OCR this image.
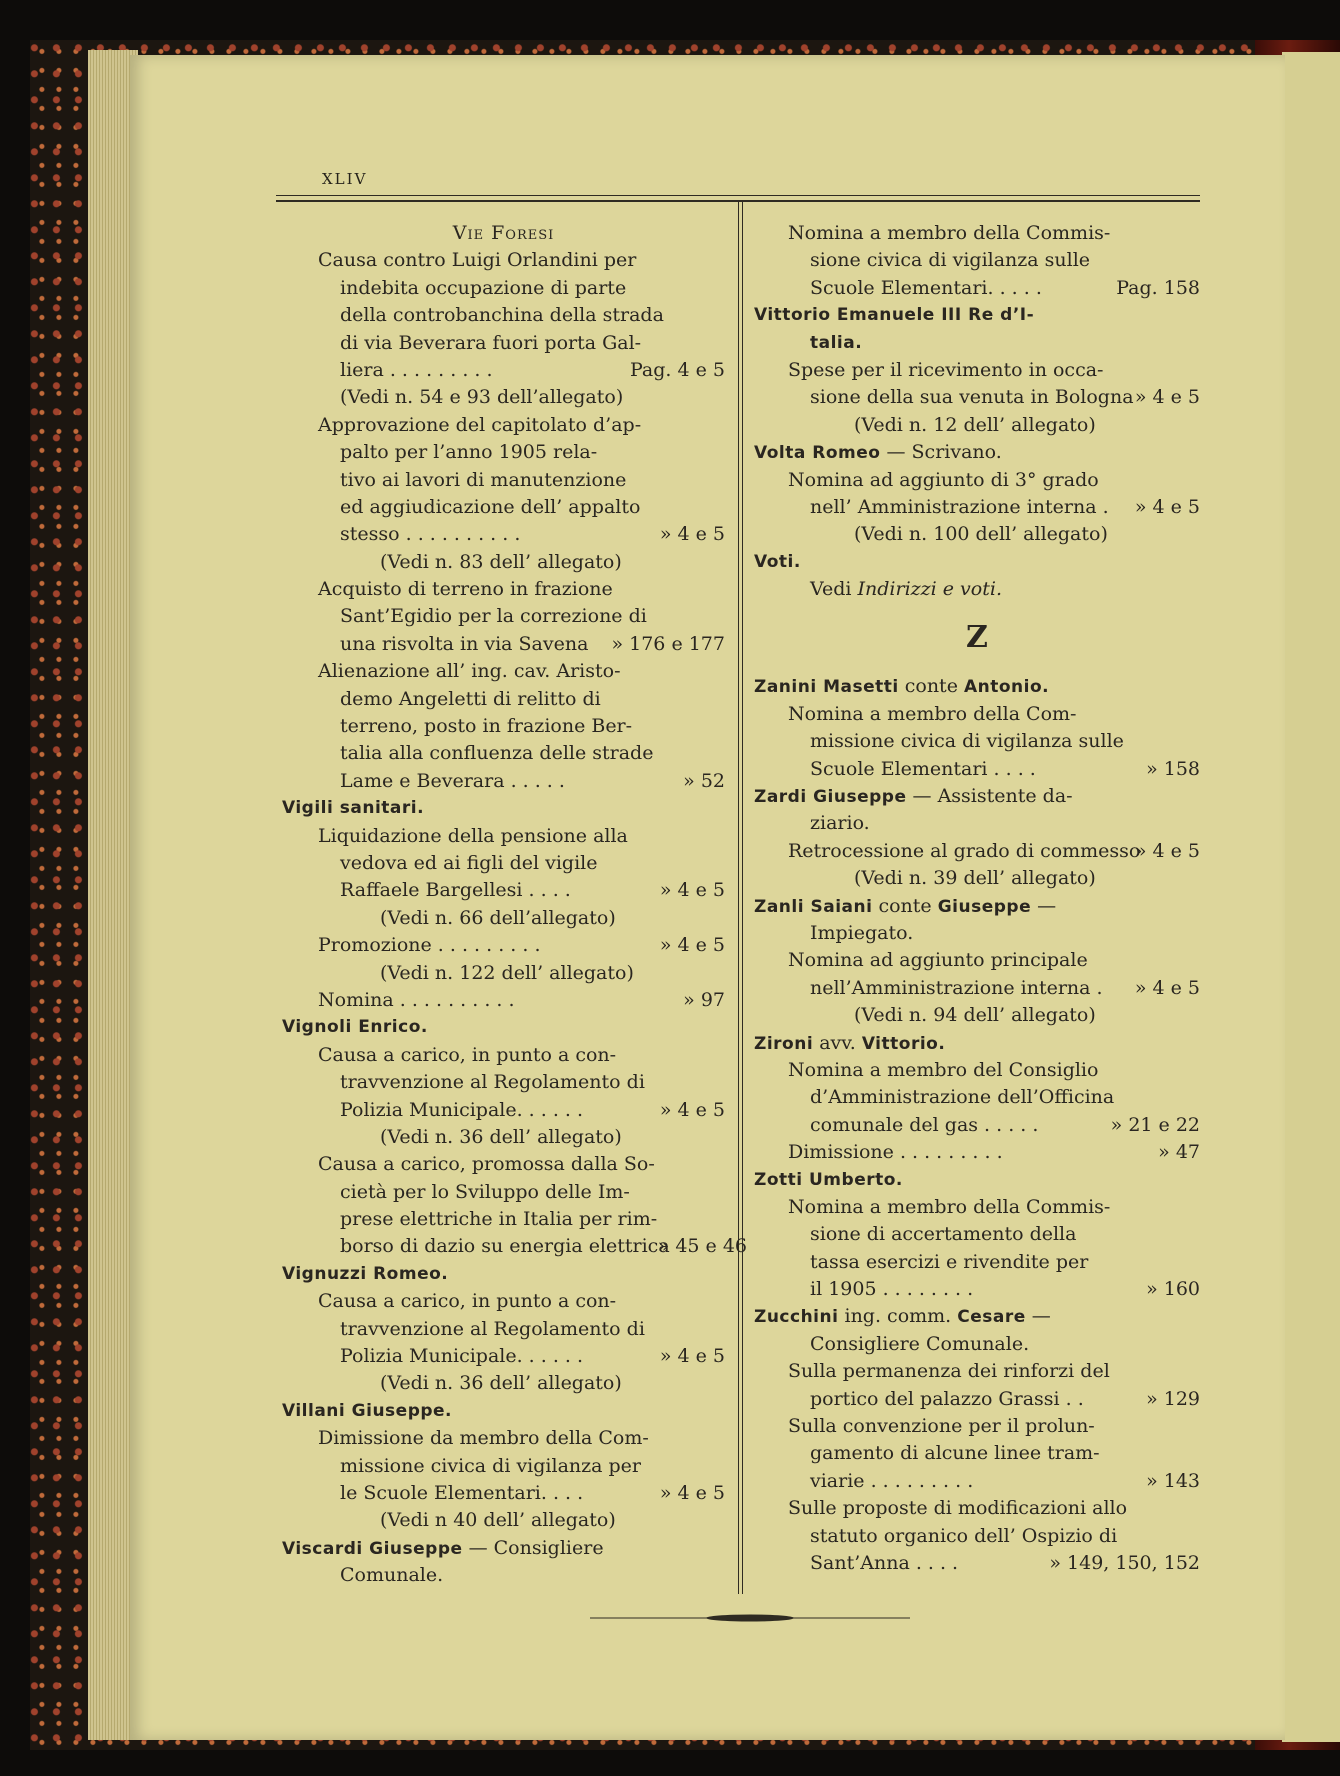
XLIV
Vie Foresi
Causa contro Luigi Orlandini per
indebita occupazione di parte
della controbanchina della strada
di via Beverara fuori porta Gal-
liera . . . . . . . . .	Pag. 4 e 5
(Vedi n. 54 e 93 dell’allegato)
Approvazione del capitolato d’ap-
palto per l’anno 1905 rela-
tivo ai lavori di manutenzione
ed aggiudicazione dell’ appalto
stesso . . . . . . . . . .	» 4 e 5
(Vedi n. 83 dell’ allegato)
Acquisto di terreno in frazione
Sant’Egidio per la correzione di
una risvolta in via Savena » 176 e 177
Alienazione all’ ing. cav. Aristo-
demo Angeletti di relitto di
terreno, posto in frazione Ber-
talia alla confluenza delle strade
Lame e Beverara . . . . .	» 52
Vigili sanitari.
Liquidazione della pensione alla
vedova ed ai figli del vigile
Raffaele Bargellesi . . . .	» 4 e 5
(Vedi n. 66 dell’allegato)
Promozione . . . . . . . . .	» 4 e 5
(Vedi n. 122 dell’ allegato)
Nomina . . . . . . . . . .	» 97
Vignoli Enrico.
Causa a carico, in punto a con-
travvenzione al Regolamento di
Polizia Municipale. . . . . .	» 4 e 5
(Vedi n. 36 dell’ allegato)
Causa a carico, promossa dalla So-
cietà per lo Sviluppo delle Im-
prese elettriche in Italia per rim-
borso di dazio su energia elettrica
» 45 e 46
Vignuzzi Romeo.
Causa a carico, in punto a con-
travvenzione al Regolamento di
Polizia Municipale. . . . . .	» 4 e 5
(Vedi n. 36 dell’ allegato)
Villani Giuseppe.
Dimissione da membro della Com-
missione civica di vigilanza per
le Scuole Elementari. . . .	» 4 e 5
(Vedi n 40 dell’ allegato)
Viscardi Giuseppe — Consigliere
Comunale.
Nomina a membro della Commis-
sione civica di vigilanza sulle
Scuole Elementari. . . . .	Pag. 158
Vittorio Emanuele III Re d’I-
talia.
Spese per il ricevimento in occa-
sione della sua venuta in Bologna » 4 e 5
(Vedi n. 12 dell’ allegato)
Volta Romeo — Scrivano.
Nomina ad aggiunto di 3° grado
nell’ Amministrazione interna . » 4 e 5
(Vedi n. 100 dell’ allegato)
Voti.
Vedi Indirizzi e voti.
Z
Zanini Masetti conte Antonio.
Nomina a membro della Com-
missione civica di vigilanza sulle
Scuole Elementari . . . .	» 158
Zardi Giuseppe — Assistente da-
ziario.
Retrocessione al grado di commesso
» 4 e 5
(Vedi n. 39 dell’ allegato)
Zanli Saiani conte Giuseppe —
Impiegato.
Nomina ad aggiunto principale
nell’Amministrazione interna . » 4 e 5
(Vedi n. 94 dell’ allegato)
Zironi avv. Vittorio.
Nomina a membro del Consiglio
d’Amministrazione dell’Officina
comunale del gas . . . . .	» 21 e 22
Dimissione . . . . . . . . .	» 47
Zotti Umberto.
Nomina a membro della Commis-
sione di accertamento della
tassa esercizi e rivendite per
il 1905 . . . . . . . .	» 160
Zucchini ing. comm. Cesare —
Consigliere Comunale.
Sulla permanenza dei rinforzi del
portico del palazzo Grassi . .	» 129
Sulla convenzione per il prolun-
gamento di alcune linee tram-
viarie . . . . . . . . .	» 143
Sulle proposte di modificazioni allo
statuto organico dell’ Ospizio di
Sant’Anna . . . .	» 149, 150, 152
